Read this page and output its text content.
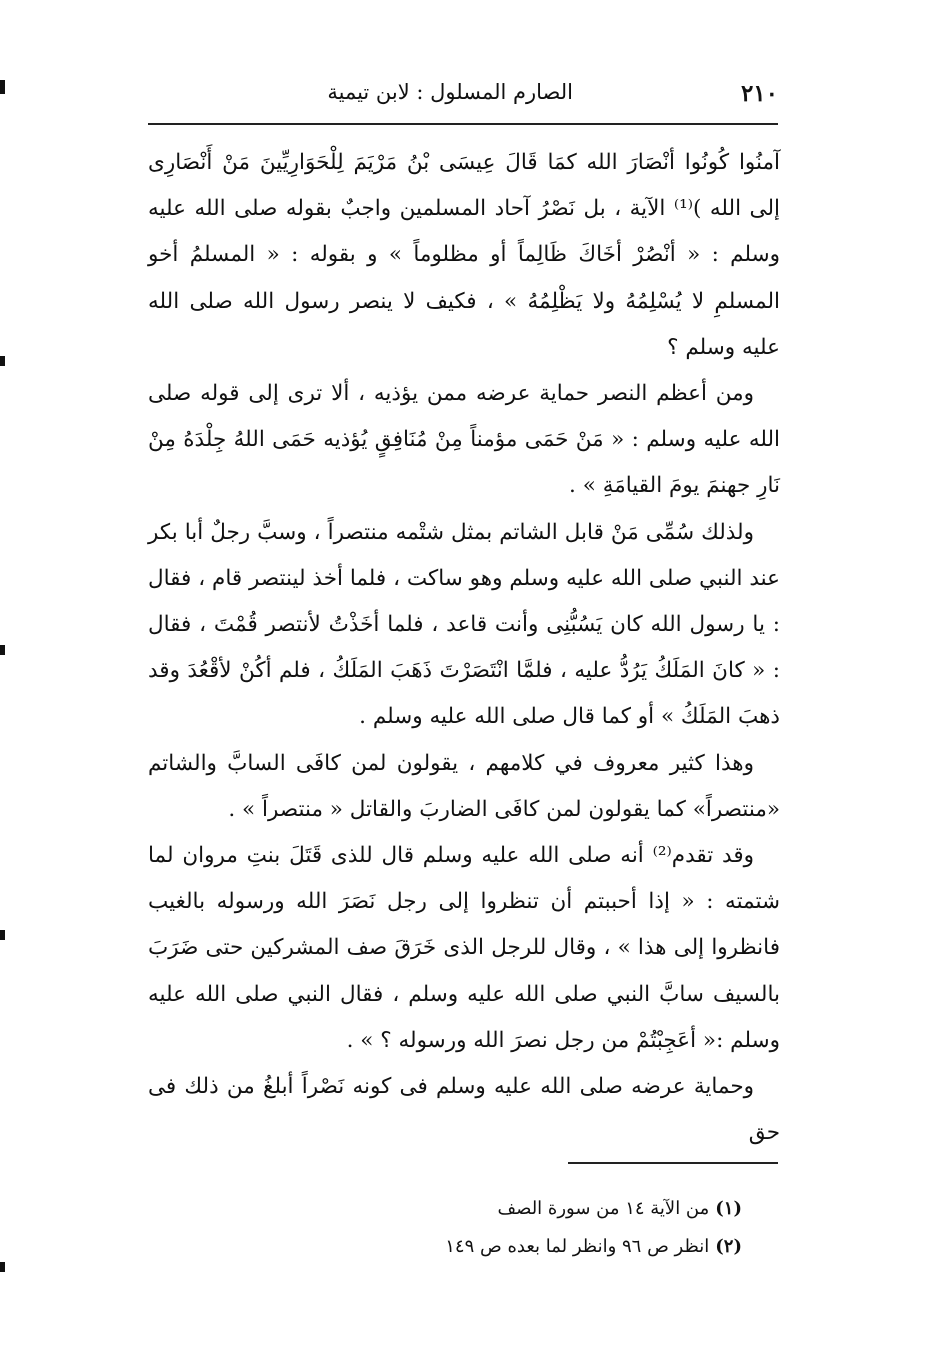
٢١٠
الصارم المسلول : لابن تيمية

آمنُوا كُونُوا أنْصَارَ الله كمَا قَالَ عِيسَى بْنُ مَرْيَمَ لِلْحَوَارِيِّينَ مَنْ أَنْصَارِى إلى الله )⁽¹⁾ الآية ، بل نَصْرُ آحاد المسلمين واجبٌ بقوله صلى الله عليه وسلم : « أنْصُرْ أخَاكَ ظَالِماً أو مظلوماً » و بقوله : « المسلمُ أخو المسلمِ لا يُسْلِمُهُ ولا يَظْلِمُهُ » ، فكيف لا ينصر رسول الله صلى الله عليه وسلم ؟

ومن أعظم النصر حماية عرضه ممن يؤذيه ، ألا ترى إلى قوله صلى الله عليه وسلم : « مَنْ حَمَى مؤمناً مِنْ مُنَافِقٍ يُؤذيه حَمَى اللهُ جِلْدَهُ مِنْ نَارِ جهنمَ يومَ القيامَةِ » .

ولذلك سُمِّى مَنْ قابل الشاتم بمثل شتْمه منتصراً ، وسبَّ رجلٌ أبا بكر عند النبي صلى الله عليه وسلم وهو ساكت ، فلما أخذ لينتصر قام ، فقال : يا رسول الله كان يَسُبُّنِى وأنت قاعد ، فلما أخَذْتُ لأنتصر قُمْتَ ، فقال : « كانَ المَلَكُ يَرُدُّ عليه ، فلمَّا انْتَصَرْتَ ذَهَبَ المَلَكُ ، فلم أكُنْ لأقْعُدَ وقد ذهبَ المَلَكُ » أو كما قال صلى الله عليه وسلم .

وهذا كثير معروف في كلامهم ، يقولون لمن كافَى السابَّ والشاتم «منتصراً» كما يقولون لمن كافَى الضاربَ والقاتل « منتصراً » .

وقد تقدم⁽²⁾ أنه صلى الله عليه وسلم قال للذى قَتَلَ بنتِ مروان لما شتمته : « إذا أحببتم أن تنظروا إلى رجل نَصَرَ الله ورسوله بالغيب فانظروا إلى هذا » ، وقال للرجل الذى خَرَقَ صف المشركين حتى ضَرَبَ بالسيف سابَّ النبي صلى الله عليه وسلم ، فقال النبي صلى الله عليه وسلم :« أعَجِبْتُمْ من رجل نصرَ الله ورسوله ؟ » .

وحماية عرضه صلى الله عليه وسلم فى كونه نَصْراً أبلغُ من ذلك فى حق

(١)من الآية ١٤ من سورة الصف
(٢)انظر ص ٩٦ وانظر لما بعده ص ١٤٩
